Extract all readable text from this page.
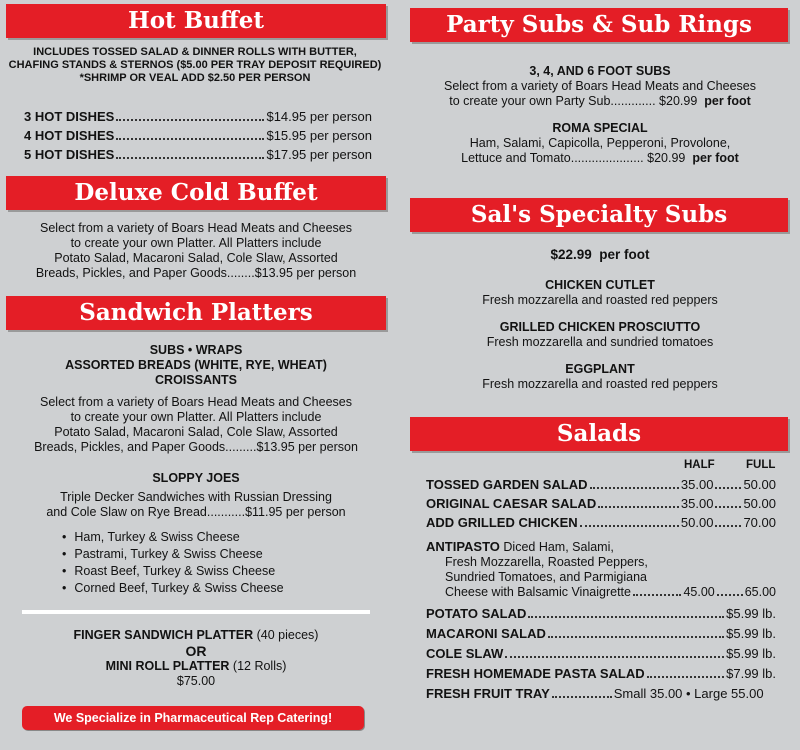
Hot Buffet
INCLUDES TOSSED SALAD & DINNER ROLLS WITH BUTTER,
CHAFING STANDS & STERNOS ($5.00 PER TRAY DEPOSIT REQUIRED)
*SHRIMP OR VEAL ADD $2.50 PER PERSON
3 HOT DISHES	$14.95 per person
4 HOT DISHES	$15.95 per person
5 HOT DISHES	$17.95 per person
Deluxe Cold Buffet
Select from a variety of Boars Head Meats and Cheeses
to create your own Platter. All Platters include
Potato Salad, Macaroni Salad, Cole Slaw, Assorted
Breads, Pickles, and Paper Goods........$13.95 per person
Sandwich Platters
SUBS • WRAPS
ASSORTED BREADS (WHITE, RYE, WHEAT)
CROISSANTS
Select from a variety of Boars Head Meats and Cheeses
to create your own Platter. All Platters include
Potato Salad, Macaroni Salad, Cole Slaw, Assorted
Breads, Pickles, and Paper Goods.........$13.95 per person
SLOPPY JOES
Triple Decker Sandwiches with Russian Dressing
and Cole Slaw on Rye Bread...........$11.95 per person
• Ham, Turkey & Swiss Cheese
• Pastrami, Turkey & Swiss Cheese
• Roast Beef, Turkey & Swiss Cheese
• Corned Beef, Turkey & Swiss Cheese
FINGER SANDWICH PLATTER (40 pieces)
OR
MINI ROLL PLATTER (12 Rolls)
$75.00
We Specialize in Pharmaceutical Rep Catering!
Party Subs & Sub Rings
3, 4, AND 6 FOOT SUBS
Select from a variety of Boars Head Meats and Cheeses
to create your own Party Sub............. $20.99 per foot
ROMA SPECIAL
Ham, Salami, Capicolla, Pepperoni, Provolone,
Lettuce and Tomato..................... $20.99 per foot
Sal's Specialty Subs
$22.99 per foot
CHICKEN CUTLET
Fresh mozzarella and roasted red peppers
GRILLED CHICKEN PROSCIUTTO
Fresh mozzarella and sundried tomatoes
EGGPLANT
Fresh mozzarella and roasted red peppers
Salads
HALF	FULL
TOSSED GARDEN SALAD	35.00 50.00
ORIGINAL CAESAR SALAD	35.00 50.00
ADD GRILLED CHICKEN	50.00 70.00
ANTIPASTO Diced Ham, Salami,
Fresh Mozzarella, Roasted Peppers,
Sundried Tomatoes, and Parmigiana
Cheese with Balsamic Vinaigrette	45.00 65.00
POTATO SALAD	$5.99 lb.
MACARONI SALAD	$5.99 lb.
COLE SLAW	$5.99 lb.
FRESH HOMEMADE PASTA SALAD	$7.99 lb.
FRESH FRUIT TRAY	Small 35.00 • Large 55.00
